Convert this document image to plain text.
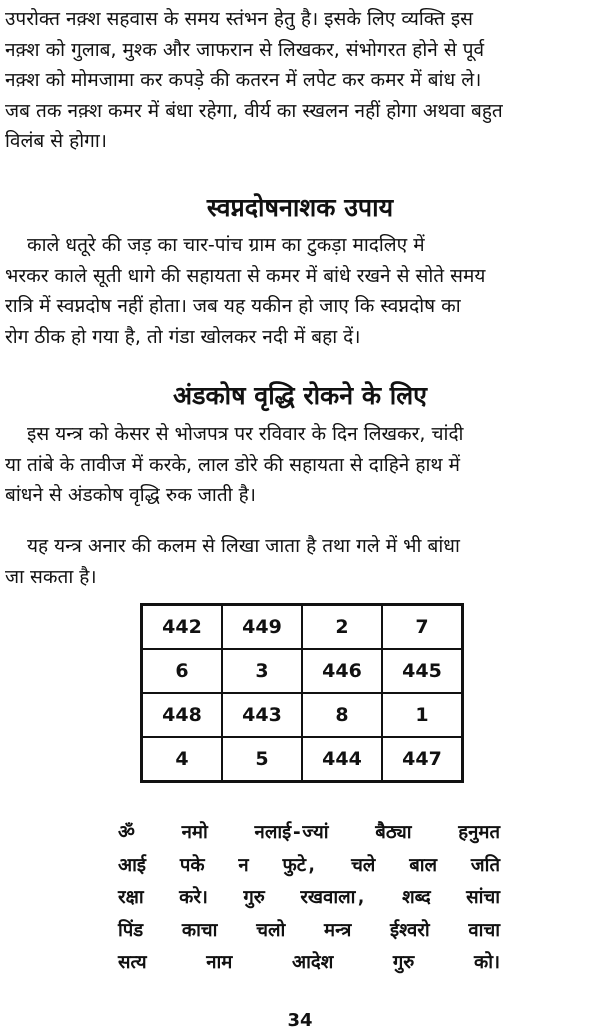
उपरोक्त नक़्श सहवास के समय स्तंभन हेतु है। इसके लिए व्यक्ति इस
नक़्श को गुलाब, मुश्क और जाफरान से लिखकर, संभोगरत होने से पूर्व
नक़्श को मोमजामा कर कपड़े की कतरन में लपेट कर कमर में बांध ले।
जब तक नक़्श कमर में बंधा रहेगा, वीर्य का स्खलन नहीं होगा अथवा बहुत
विलंब से होगा।
स्वप्नदोषनाशक उपाय
काले धतूरे की जड़ का चार-पांच ग्राम का टुकड़ा मादलिए में
भरकर काले सूती धागे की सहायता से कमर में बांधे रखने से सोते समय
रात्रि में स्वप्नदोष नहीं होता। जब यह यकीन हो जाए कि स्वप्नदोष का
रोग ठीक हो गया है, तो गंडा खोलकर नदी में बहा दें।
अंडकोष वृद्धि रोकने के लिए
इस यन्त्र को केसर से भोजपत्र पर रविवार के दिन लिखकर, चांदी
या तांबे के तावीज में करके, लाल डोरे की सहायता से दाहिने हाथ में
बांधने से अंडकोष वृद्धि रुक जाती है।
यह यन्त्र अनार की कलम से लिखा जाता है तथा गले में भी बांधा
जा सकता है।
442	449	2	7
6	3	446	445
448	443	8	1
4	5	444	447
ॐ नमो नलाई-ज्यां बैठ्या हनुमत
आई पके न फुटे, चले बाल जति
रक्षा करे। गुरु रखवाला, शब्द सांचा
पिंड काचा चलो मन्त्र ईश्वरो वाचा
सत्य नाम आदेश गुरु को।
34
